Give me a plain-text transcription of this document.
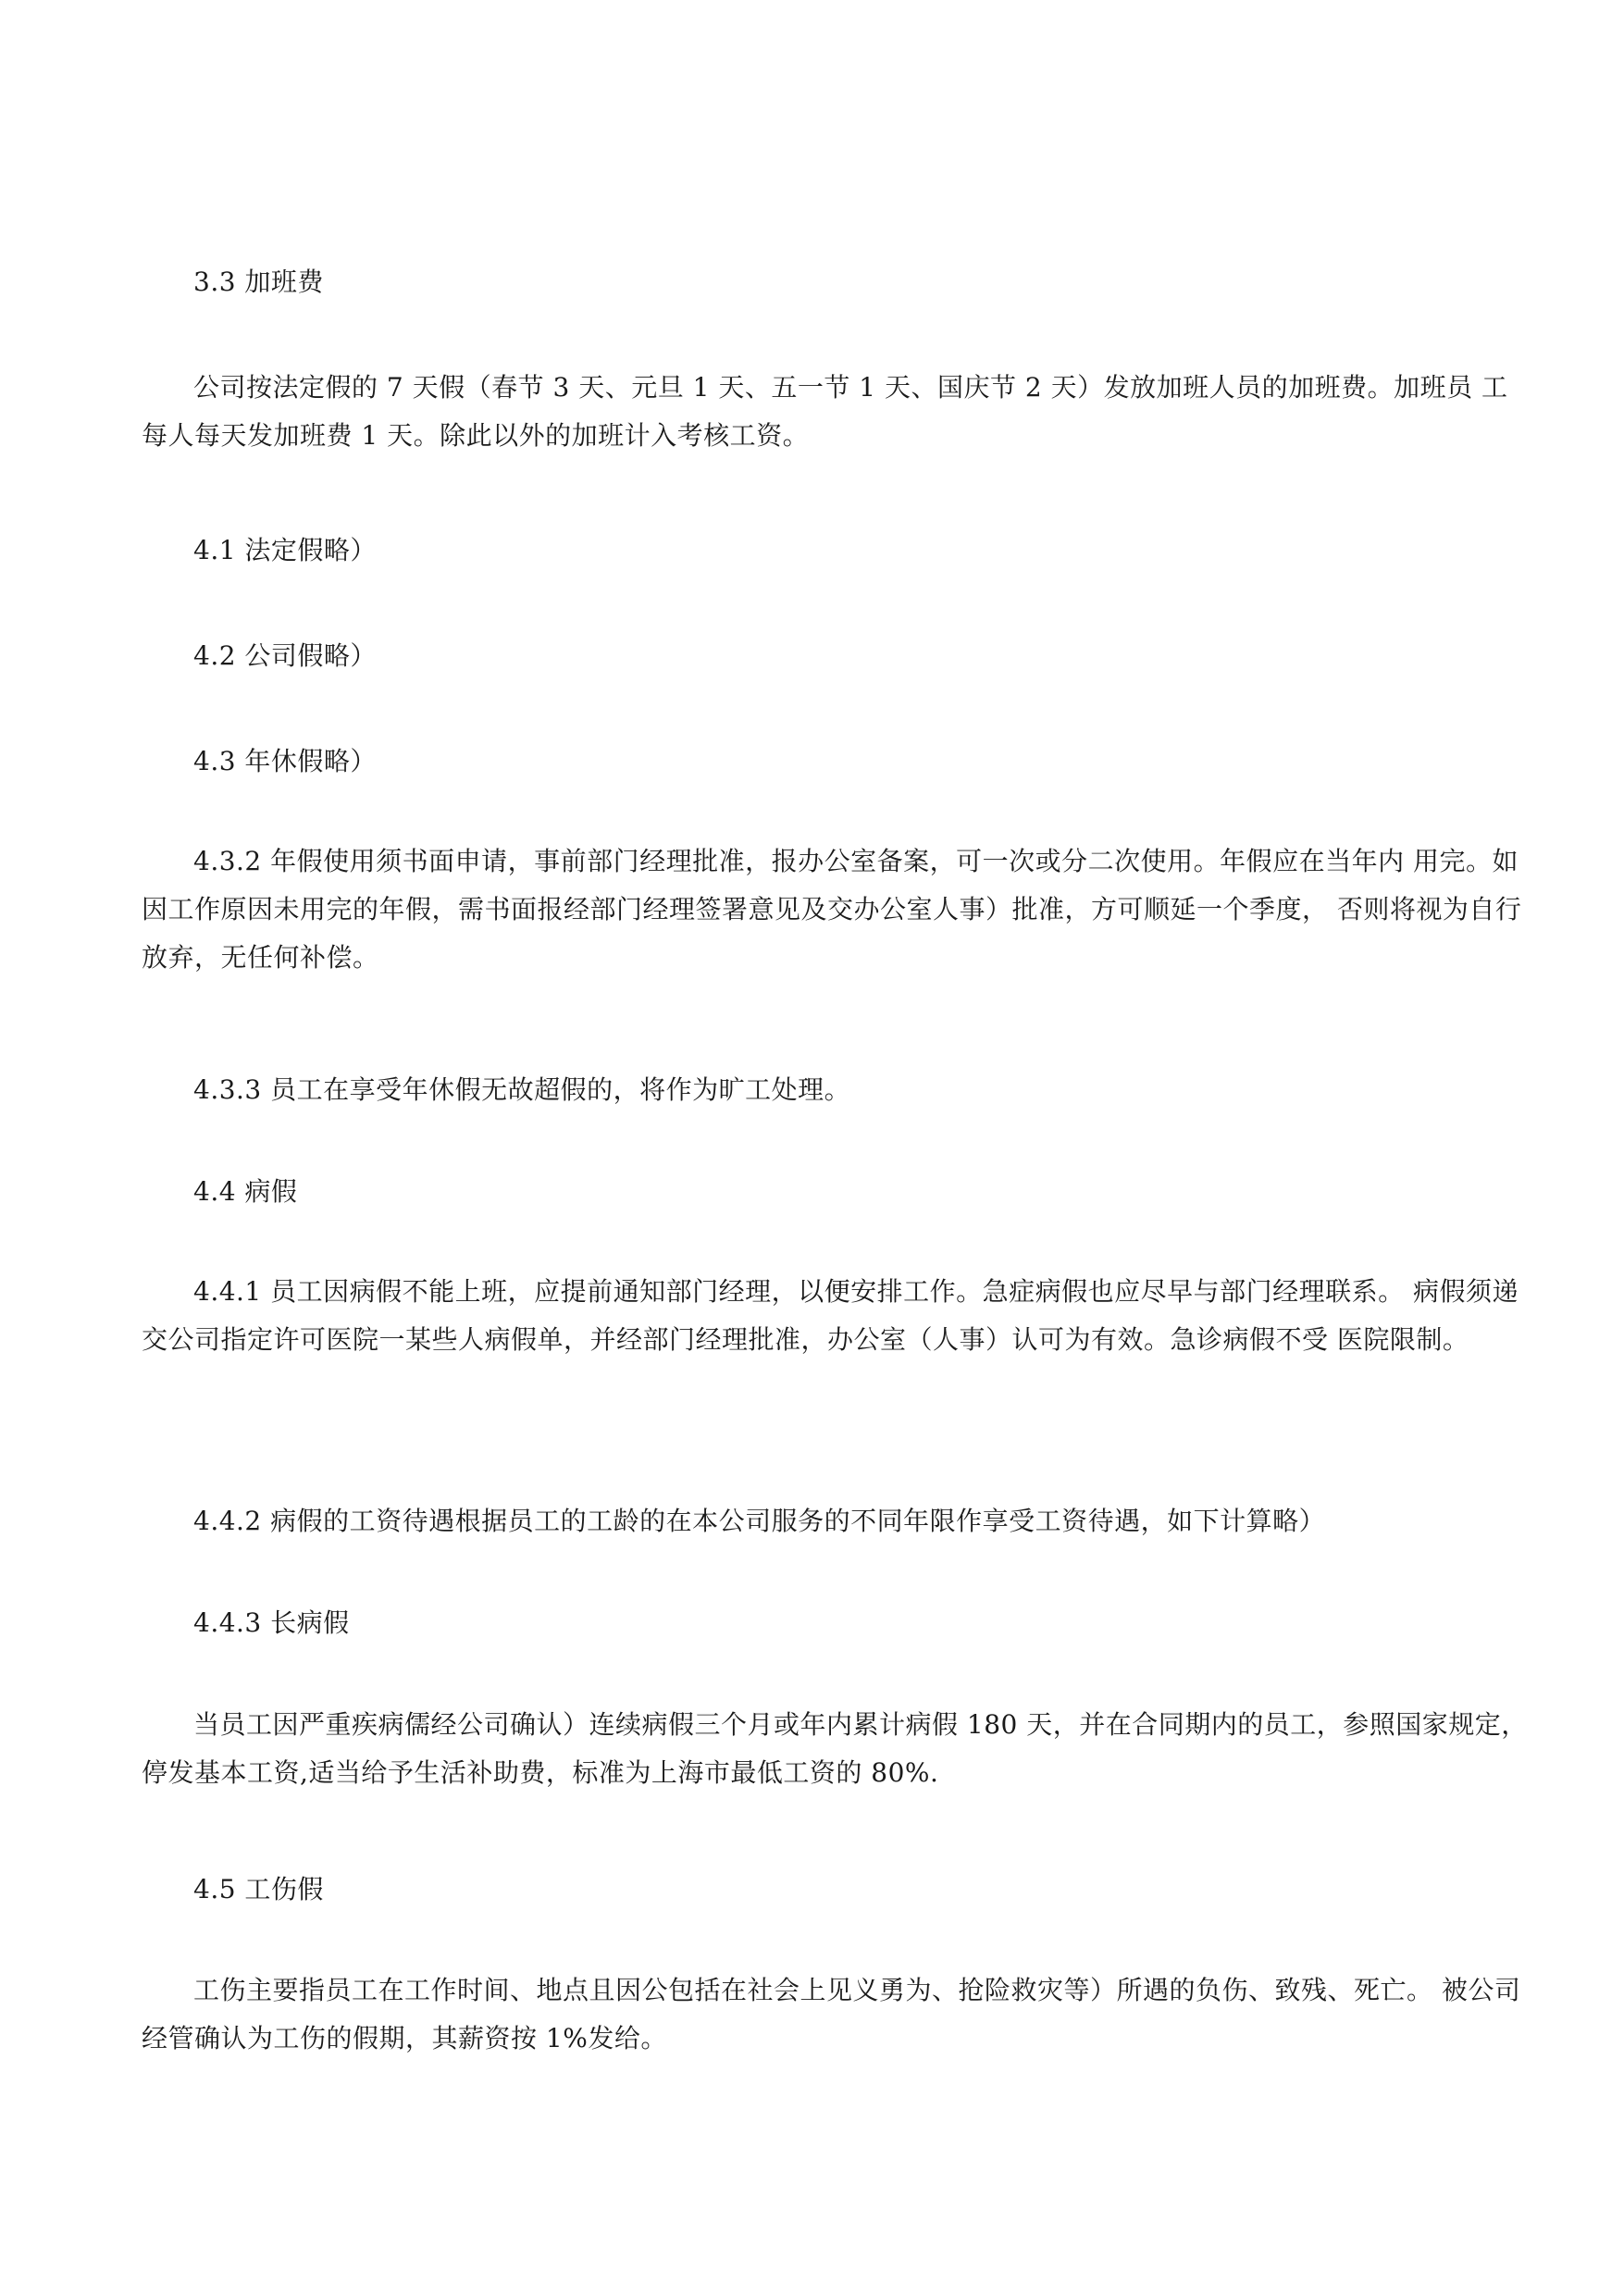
3.3 加班费

公司按法定假的 7 天假（春节 3 天、元旦 1 天、五一节 1 天、国庆节 2 天）发放加班人员的加班费。加班员 工每人每天发加班费 1 天。除此以外的加班计入考核工资。

4.1 法定假略）

4.2 公司假略）

4.3 年休假略）

4.3.2 年假使用须书面申请，事前部门经理批准，报办公室备案，可一次或分二次使用。年假应在当年内 用完。如因工作原因未用完的年假，需书面报经部门经理签署意见及交办公室人事）批准，方可顺延一个季度， 否则将视为自行放弃，无任何补偿。

4.3.3 员工在享受年休假无故超假的，将作为旷工处理。

4.4 病假

4.4.1 员工因病假不能上班，应提前通知部门经理，以便安排工作。急症病假也应尽早与部门经理联系。 病假须递交公司指定许可医院一某些人病假单，并经部门经理批准，办公室（人事）认可为有效。急诊病假不受 医院限制。

4.4.2 病假的工资待遇根据员工的工龄的在本公司服务的不同年限作享受工资待遇，如下计算略）

4.4.3 长病假

当员工因严重疾病儒经公司确认）连续病假三个月或年内累计病假 180 天，并在合同期内的员工，参照国家规定，停发基本工资,适当给予生活补助费，标准为上海市最低工资的 80%.

4.5 工伤假

工伤主要指员工在工作时间、地点且因公包括在社会上见义勇为、抢险救灾等）所遇的负伤、致残、死亡。 被公司经管确认为工伤的假期，其薪资按 1%发给。
